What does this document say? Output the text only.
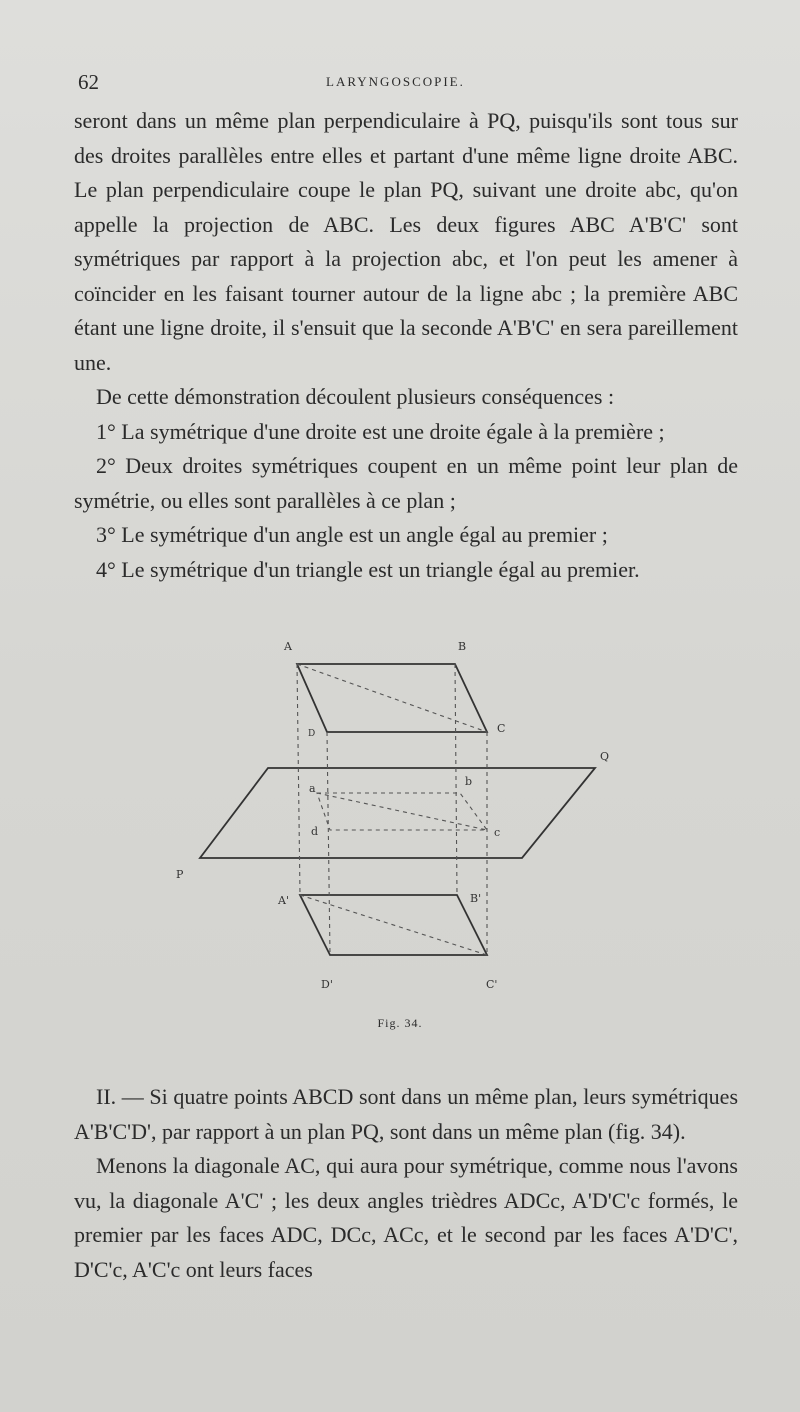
62	LARYNGOSCOPIE.

seront dans un même plan perpendiculaire à PQ, puisqu'ils sont tous sur des droites parallèles entre elles et partant d'une même ligne droite ABC. Le plan perpendiculaire coupe le plan PQ, suivant une droite abc, qu'on appelle la projection de ABC. Les deux figures ABC A'B'C' sont symétriques par rapport à la projection abc, et l'on peut les amener à coïncider en les faisant tourner autour de la ligne abc ; la première ABC étant une ligne droite, il s'ensuit que la seconde A'B'C' en sera pareillement une.

De cette démonstration découlent plusieurs conséquences :

1° La symétrique d'une droite est une droite égale à la première ;

2° Deux droites symétriques coupent en un même point leur plan de symétrie, ou elles sont parallèles à ce plan ;

3° Le symétrique d'un angle est un angle égal au premier ;

4° Le symétrique d'un triangle est un triangle égal au premier.

A	B
C
D
Q
a
b
c
d
P
A'	B'
D'	C'
Fig. 34.

II. — Si quatre points ABCD sont dans un même plan, leurs symétriques A'B'C'D', par rapport à un plan PQ, sont dans un même plan (fig. 34).

Menons la diagonale AC, qui aura pour symétrique, comme nous l'avons vu, la diagonale A'C' ; les deux angles trièdres ADCc, A'D'C'c formés, le premier par les faces ADC, DCc, ACc, et le second par les faces A'D'C', D'C'c, A'C'c ont leurs faces
